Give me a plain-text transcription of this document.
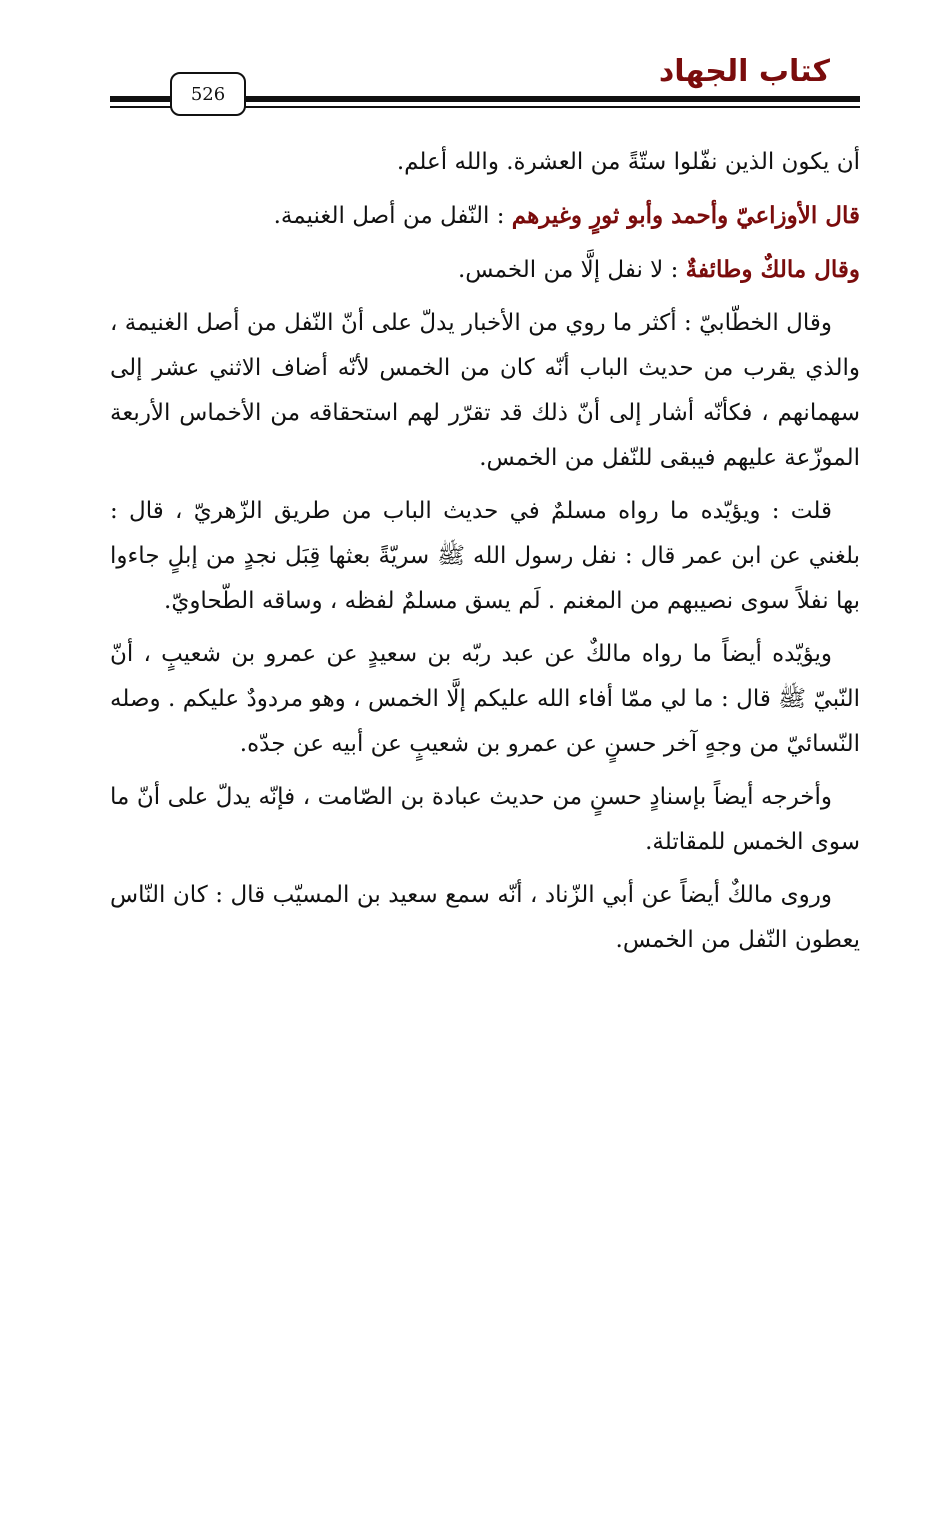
كتاب الجهاد
526

أن يكون الذين نفّلوا ستّةً من العشرة. والله أعلم.

قال الأوزاعيّ وأحمد وأبو ثورٍ وغيرهم : النّفل من أصل الغنيمة.

وقال مالكٌ وطائفةٌ : لا نفل إلَّا من الخمس.

وقال الخطّابيّ : أكثر ما روي من الأخبار يدلّ على أنّ النّفل من أصل الغنيمة ، والذي يقرب من حديث الباب أنّه كان من الخمس لأنّه أضاف الاثني عشر إلى سهمانهم ، فكأنّه أشار إلى أنّ ذلك قد تقرّر لهم استحقاقه من الأخماس الأربعة الموزّعة عليهم فيبقى للنّفل من الخمس.

قلت : ويؤيّده ما رواه مسلمٌ في حديث الباب من طريق الزّهريّ ، قال : بلغني عن ابن عمر قال : نفل رسول الله ﷺ سريّةً بعثها قِبَل نجدٍ من إبلٍ جاءوا بها نفلاً سوى نصيبهم من المغنم . لَم يسق مسلمٌ لفظه ، وساقه الطّحاويّ.

ويؤيّده أيضاً ما رواه مالكٌ عن عبد ربّه بن سعيدٍ عن عمرو بن شعيبٍ ، أنّ النّبيّ ﷺ قال : ما لي ممّا أفاء الله عليكم إلَّا الخمس ، وهو مردودٌ عليكم . وصله النّسائيّ من وجهٍ آخر حسنٍ عن عمرو بن شعيبٍ عن أبيه عن جدّه.

وأخرجه أيضاً بإسنادٍ حسنٍ من حديث عبادة بن الصّامت ، فإنّه يدلّ على أنّ ما سوى الخمس للمقاتلة.

وروى مالكٌ أيضاً عن أبي الزّناد ، أنّه سمع سعيد بن المسيّب قال : كان النّاس يعطون النّفل من الخمس.
